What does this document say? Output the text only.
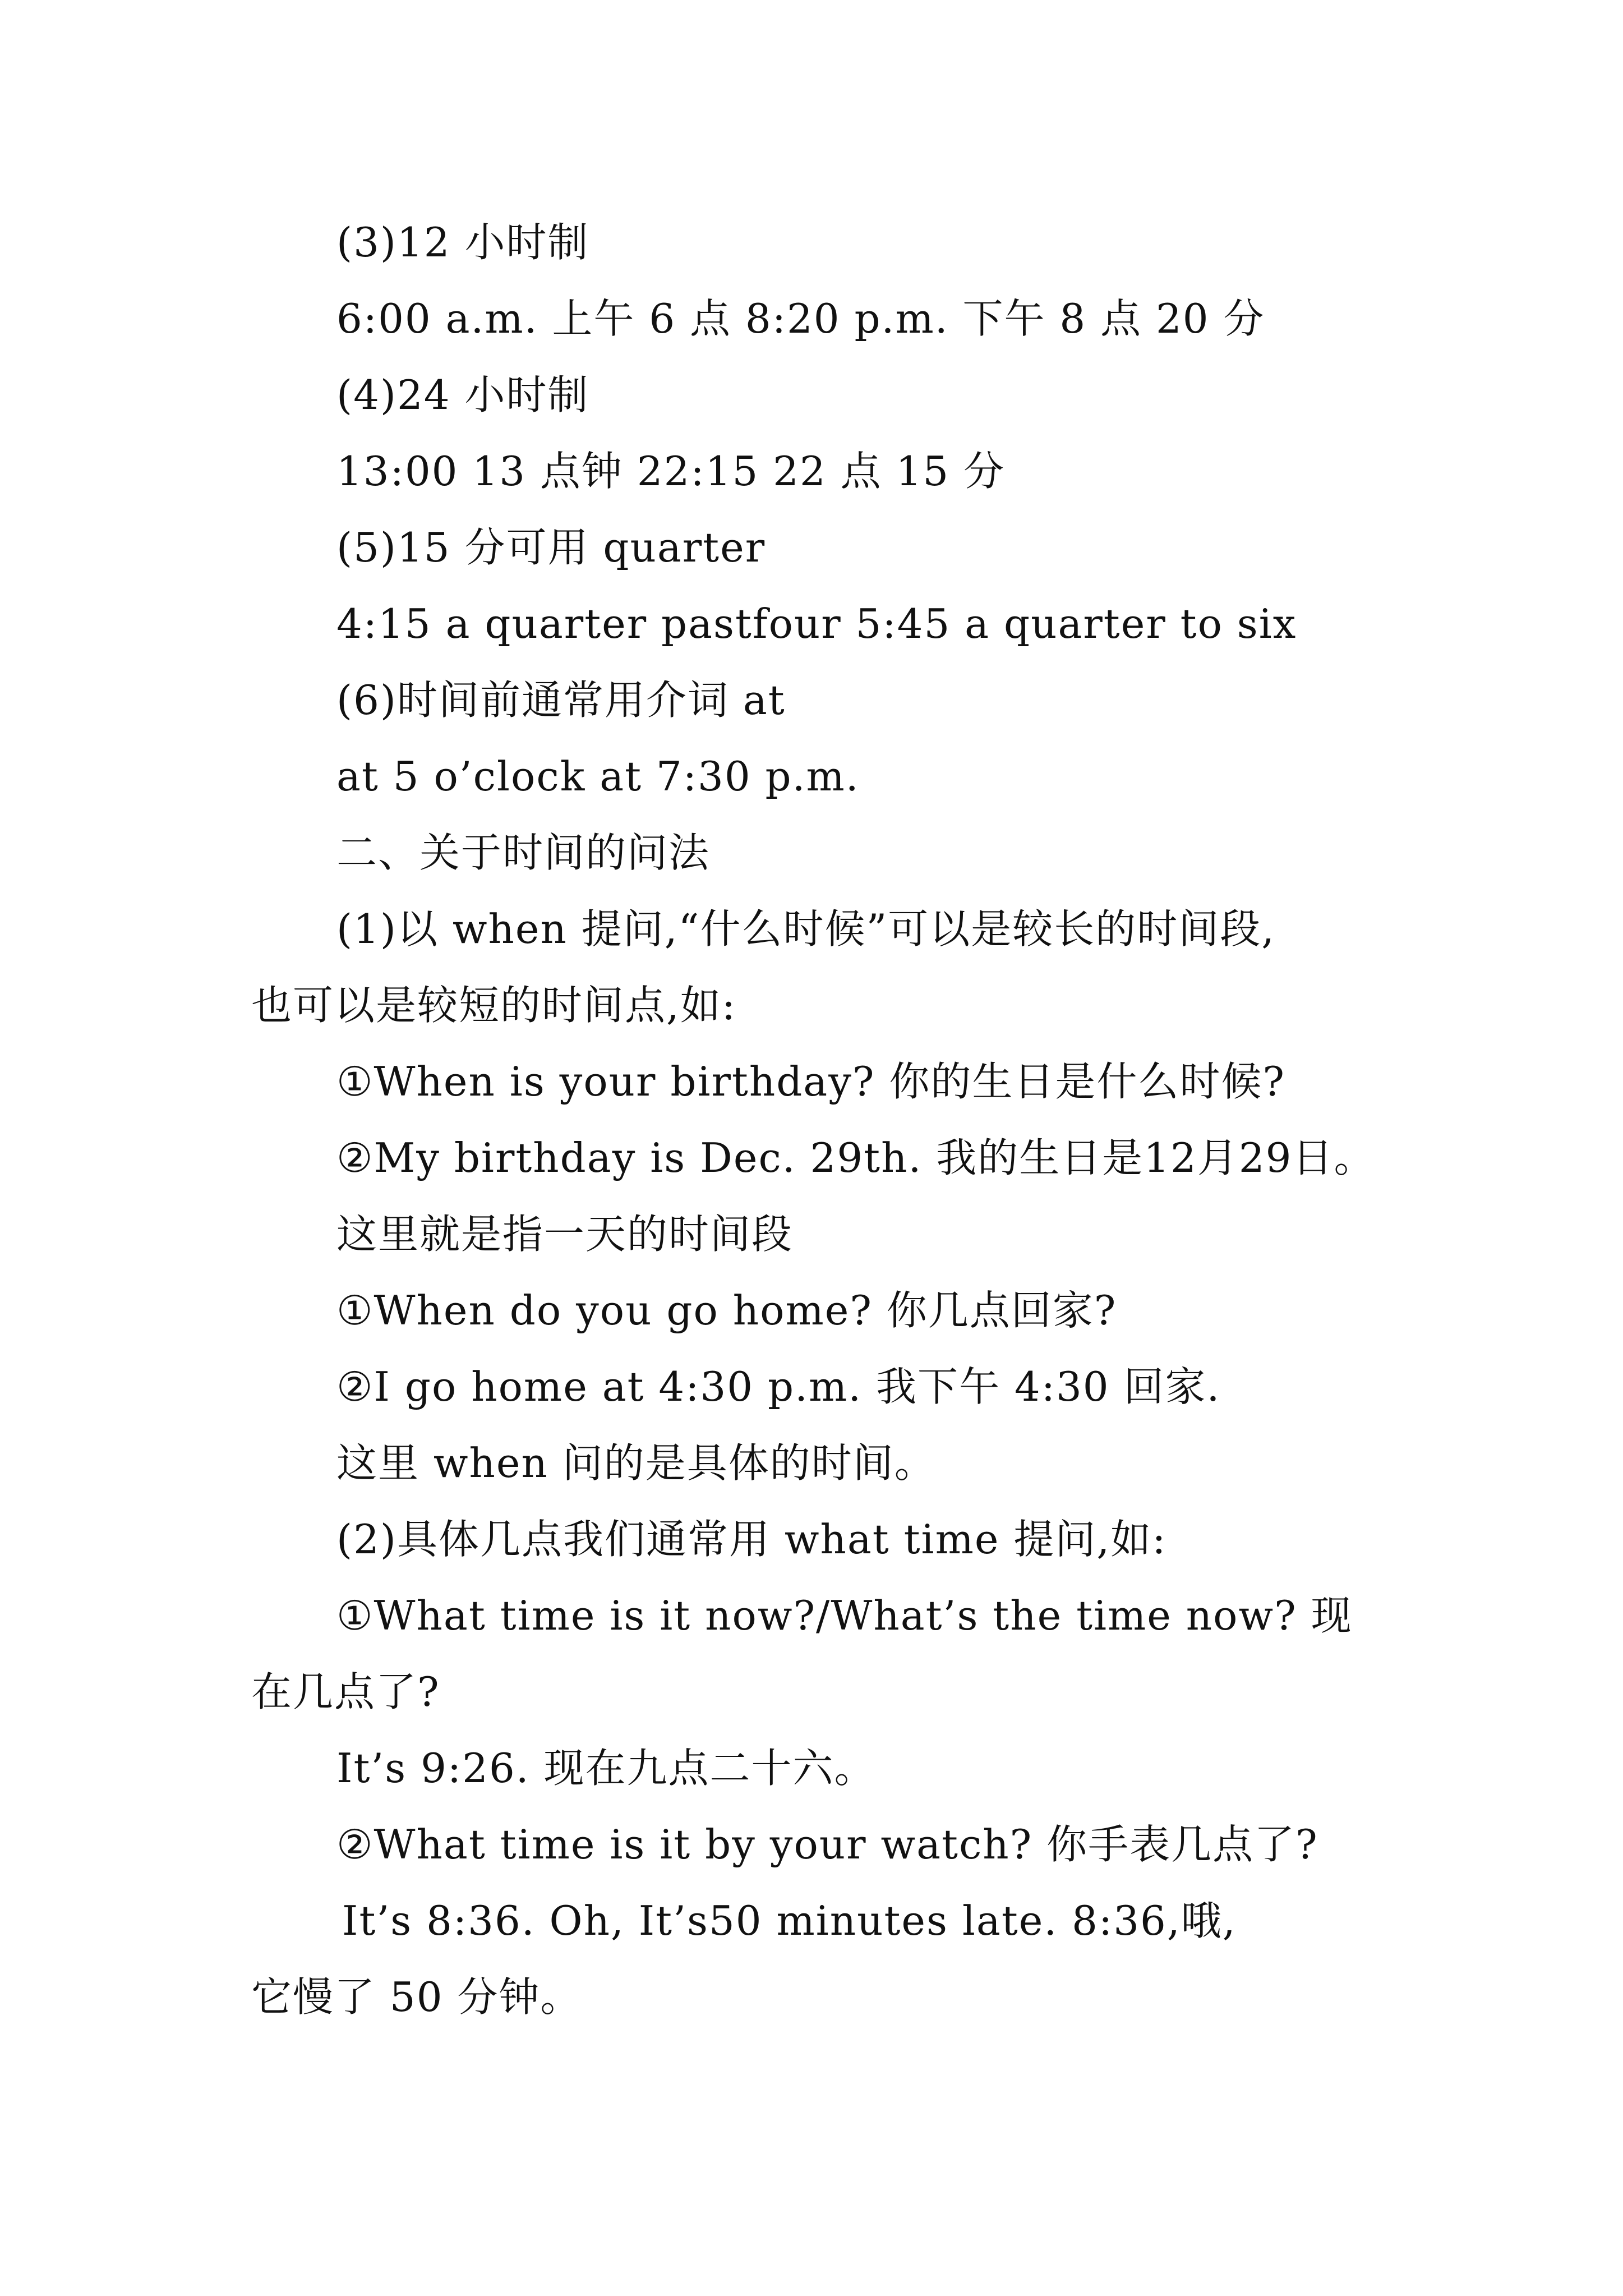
(3)12 小时制
6:00 a.m. 上午 6 点 8:20 p.m. 下午 8 点 20 分
(4)24 小时制
13:00 13 点钟 22:15 22 点 15 分
(5)15 分可用 quarter
4:15 a quarter pastfour 5:45 a quarter to six
(6)时间前通常用介词 at
at 5 o’clock at 7:30 p.m.
二、关于时间的问法
(1)以 when 提问,“什么时候”可以是较长的时间段,
也可以是较短的时间点,如:
①When is your birthday? 你的生日是什么时候?
②My birthday is Dec. 29th. 我的生日是12月29日。
这里就是指一天的时间段
①When do you go home? 你几点回家?
②I go home at 4:30 p.m. 我下午 4:30 回家.
这里 when 问的是具体的时间。
(2)具体几点我们通常用 what time 提问,如:
①What time is it now?/What’s the time now? 现
在几点了?
It’s 9:26. 现在九点二十六。
②What time is it by your watch? 你手表几点了?
It’s 8:36. Oh, It’s50 minutes late. 8:36,哦,
它慢了 50 分钟。
